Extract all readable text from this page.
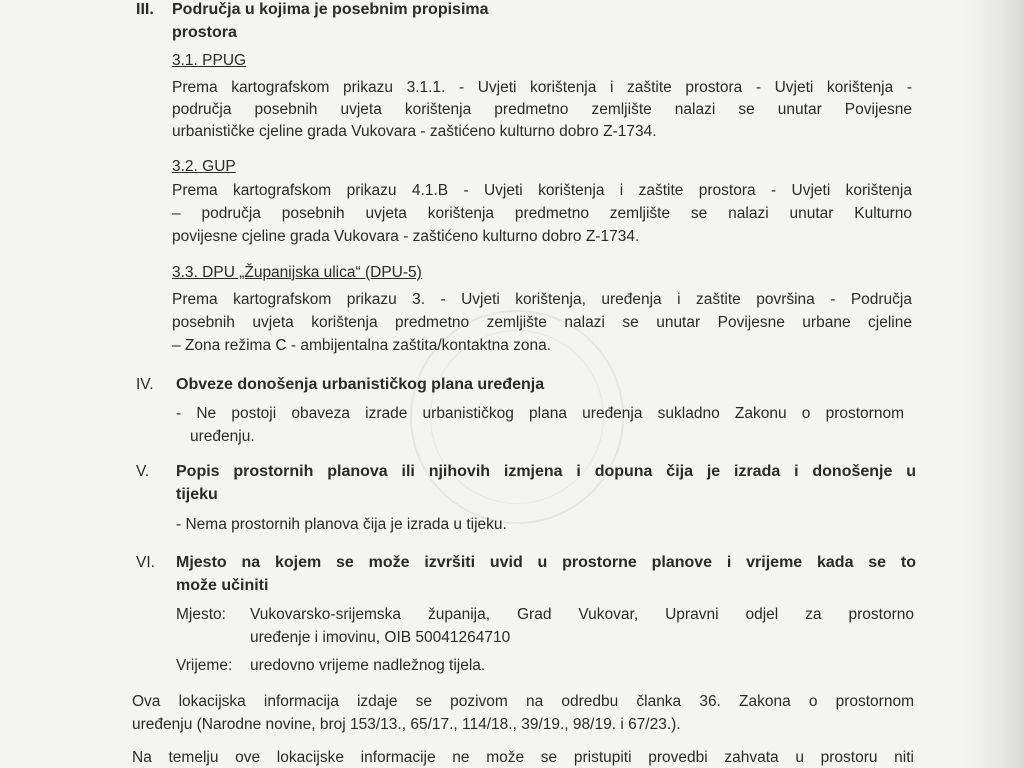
III. Područja u kojima je posebnim propisima
prostora
3.1. PPUG
Prema kartografskom prikazu 3.1.1. - Uvjeti korištenja i zaštite prostora - Uvjeti korištenja -
područja posebnih uvjeta korištenja predmetno zemljište nalazi se unutar Povijesne
urbanističke cjeline grada Vukovara - zaštićeno kulturno dobro Z-1734.
3.2. GUP
Prema kartografskom prikazu 4.1.B - Uvjeti korištenja i zaštite prostora - Uvjeti korištenja
– područja posebnih uvjeta korištenja predmetno zemljište se nalazi unutar Kulturno
povijesne cjeline grada Vukovara - zaštićeno kulturno dobro Z-1734.
3.3. DPU „Županijska ulica“ (DPU-5)
Prema kartografskom prikazu 3. - Uvjeti korištenja, uređenja i zaštite površina - Područja
posebnih uvjeta korištenja predmetno zemljište nalazi se unutar Povijesne urbane cjeline
– Zona režima C - ambijentalna zaštita/kontaktna zona.
IV. Obveze donošenja urbanističkog plana uređenja
- Ne postoji obaveza izrade urbanističkog plana uređenja sukladno Zakonu o prostornom
uređenju.
V. Popis prostornih planova ili njihovih izmjena i dopuna čija je izrada i donošenje u
tijeku
- Nema prostornih planova čija je izrada u tijeku.
VI. Mjesto na kojem se može izvršiti uvid u prostorne planove i vrijeme kada se to
može učiniti
Mjesto: Vukovarsko-srijemska županija, Grad Vukovar, Upravni odjel za prostorno
uređenje i imovinu, OIB 50041264710
Vrijeme: uredovno vrijeme nadležnog tijela.
Ova lokacijska informacija izdaje se pozivom na odredbu članka 36. Zakona o prostornom
uređenju (Narodne novine, broj 153/13., 65/17., 114/18., 39/19., 98/19. i 67/23.).
Na temelju ove lokacijske informacije ne može se pristupiti provedbi zahvata u prostoru niti
